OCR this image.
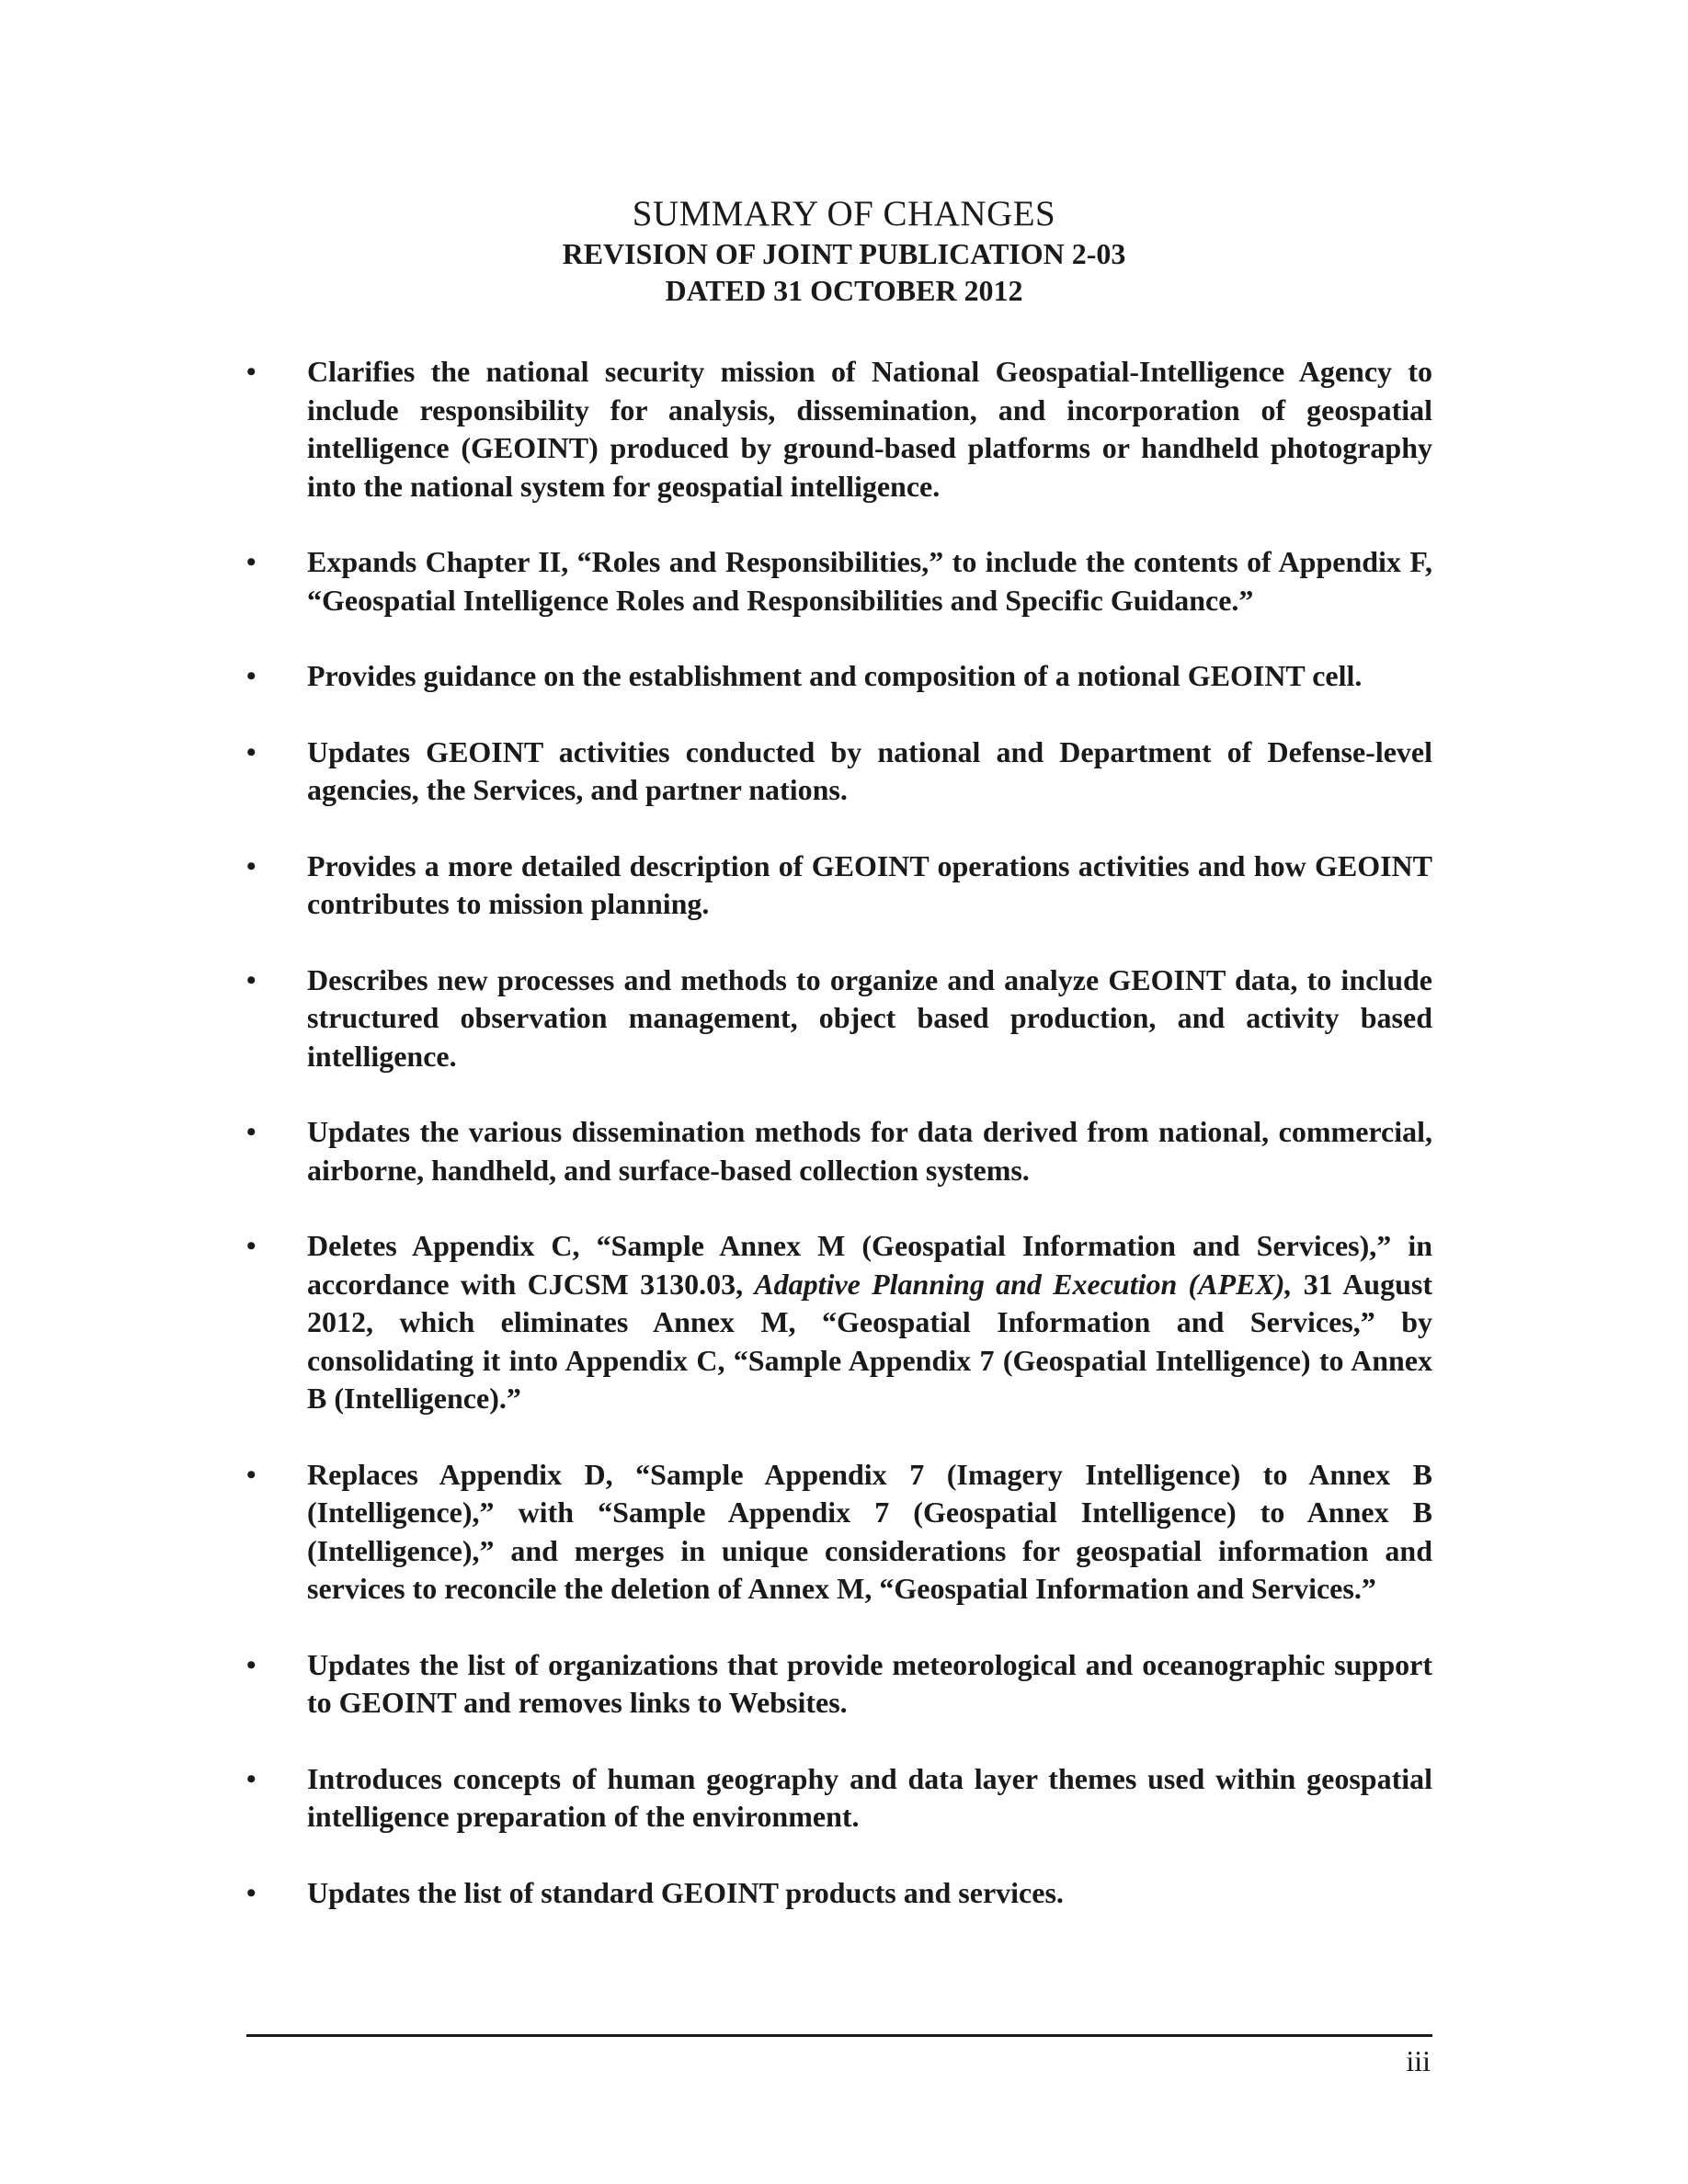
SUMMARY OF CHANGES

REVISION OF JOINT PUBLICATION 2-03

DATED 31 OCTOBER 2012

• Clarifies the national security mission of National Geospatial-Intelligence Agency to include responsibility for analysis, dissemination, and incorporation of geospatial intelligence (GEOINT) produced by ground-based platforms or handheld photography into the national system for geospatial intelligence.
• Expands Chapter II, “Roles and Responsibilities,” to include the contents of Appendix F, “Geospatial Intelligence Roles and Responsibilities and Specific Guidance.”
• Provides guidance on the establishment and composition of a notional GEOINT cell.
• Updates GEOINT activities conducted by national and Department of Defense-level agencies, the Services, and partner nations.
• Provides a more detailed description of GEOINT operations activities and how GEOINT contributes to mission planning.
• Describes new processes and methods to organize and analyze GEOINT data, to include structured observation management, object based production, and activity based intelligence.
• Updates the various dissemination methods for data derived from national, commercial, airborne, handheld, and surface-based collection systems.
• Deletes Appendix C, “Sample Annex M (Geospatial Information and Services),” in accordance with CJCSM 3130.03, Adaptive Planning and Execution (APEX), 31 August 2012, which eliminates Annex M, “Geospatial Information and Services,” by consolidating it into Appendix C, “Sample Appendix 7 (Geospatial Intelligence) to Annex B (Intelligence).”
• Replaces Appendix D, “Sample Appendix 7 (Imagery Intelligence) to Annex B (Intelligence),” with “Sample Appendix 7 (Geospatial Intelligence) to Annex B (Intelligence),” and merges in unique considerations for geospatial information and services to reconcile the deletion of Annex M, “Geospatial Information and Services.”
• Updates the list of organizations that provide meteorological and oceanographic support to GEOINT and removes links to Websites.
• Introduces concepts of human geography and data layer themes used within geospatial intelligence preparation of the environment.
• Updates the list of standard GEOINT products and services.
iii
